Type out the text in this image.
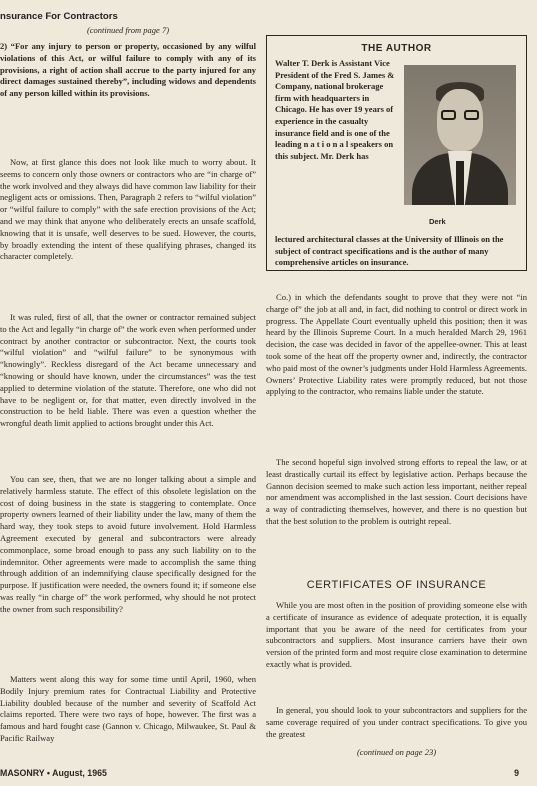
nsurance For Contractors
(continued from page 7)

2) “For any injury to person or property, occasioned by any wilful violations of this Act, or wilful failure to comply with any of its provisions, a right of action shall accrue to the party injured for any direct damages sustained thereby”, including widows and dependents of any person killed within its provisions.

Now, at first glance this does not look like much to worry about. It seems to concern only those owners or contractors who are “in charge of” the work involved and they always did have common law liability for their negligent acts or omissions. Then, Paragraph 2 refers to “wilful violation” or “wilful failure to comply” with the safe erection provisions of the Act; and we may think that anyone who deliberately erects an unsafe scaffold, knowing that it is unsafe, well deserves to be sued. However, the courts, by broadly extending the intent of these qualifying phrases, changed its character completely.

It was ruled, first of all, that the owner or contractor remained subject to the Act and legally “in charge of” the work even when performed under contract by another contractor or subcontractor. Next, the courts took “wilful violation” and “wilful failure” to be synonymous with “knowingly”. Reckless disregard of the Act became unnecessary and “knowing or should have known, under the circumstances” was the test applied to determine violation of the statute. Therefore, one who did not have to be negligent or, for that matter, even directly involved in the construction to be held liable. There was even a question whether the wrongful death limit applied to actions brought under this Act.

You can see, then, that we are no longer talking about a simple and relatively harmless statute. The effect of this obsolete legislation on the cost of doing business in the state is staggering to contemplate. Once property owners learned of their liability under the law, many of them the hard way, they took steps to avoid future involvement. Hold Harmless Agreement executed by general and subcontractors were already commonplace, some broad enough to pass any such liability on to the indemnitor. Other agreements were made to accomplish the same thing through addition of an indemnifying clause specifically designed for the purpose. If justification were needed, the owners found it; if someone else was really “in charge of” the work performed, why should he not protect the owner from such responsibility?

Matters went along this way for some time until April, 1960, when Bodily Injury premium rates for Contractual Liability and Protective Liability doubled because of the number and severity of Scaffold Act claims reported. There were two rays of hope, however. The first was a famous and hard fought case (Gannon v. Chicago, Milwaukee, St. Paul & Pacific Railway

THE AUTHOR

Walter T. Derk is Assistant Vice President of the Fred S. James & Company, national brokerage firm with headquarters in Chicago. He has over 19 years of experience in the casualty insurance field and is one of the leading n a t i o n a l speakers on this subject. Mr. Derk has

Derk

lectured architectural classes at the University of Illinois on the subject of contract specifications and is the author of many comprehensive articles on insurance.

Co.) in which the defendants sought to prove that they were not “in charge of” the job at all and, in fact, did nothing to control or direct work in progress. The Appellate Court eventually upheld this position; then it was heard by the Illinois Supreme Court. In a much heralded March 29, 1961 decision, the case was decided in favor of the appellee-owner. This at least took some of the heat off the property owner and, indirectly, the contractor who paid most of the owner’s judgments under Hold Harmless Agreements. Owners’ Protective Liability rates were promptly reduced, but not those applying to the contractor, who remains liable under the statute.

The second hopeful sign involved strong efforts to repeal the law, or at least drastically curtail its effect by legislative action. Perhaps because the Gannon decision seemed to make such action less important, neither repeal nor amendment was accomplished in the last session. Court decisions have a way of contradicting themselves, however, and there is no question but that the best solution to the problem is outright repeal.

CERTIFICATES OF INSURANCE

While you are most often in the position of providing someone else with a certificate of insurance as evidence of adequate protection, it is equally important that you be aware of the need for certificates from your subcontractors and suppliers. Most insurance carriers have their own version of the printed form and most require close examination to determine exactly what is provided.

In general, you should look to your subcontractors and suppliers for the same coverage required of you under contract specifications. To give you the greatest

(continued on page 23)
MASONRY • August, 1965	9
